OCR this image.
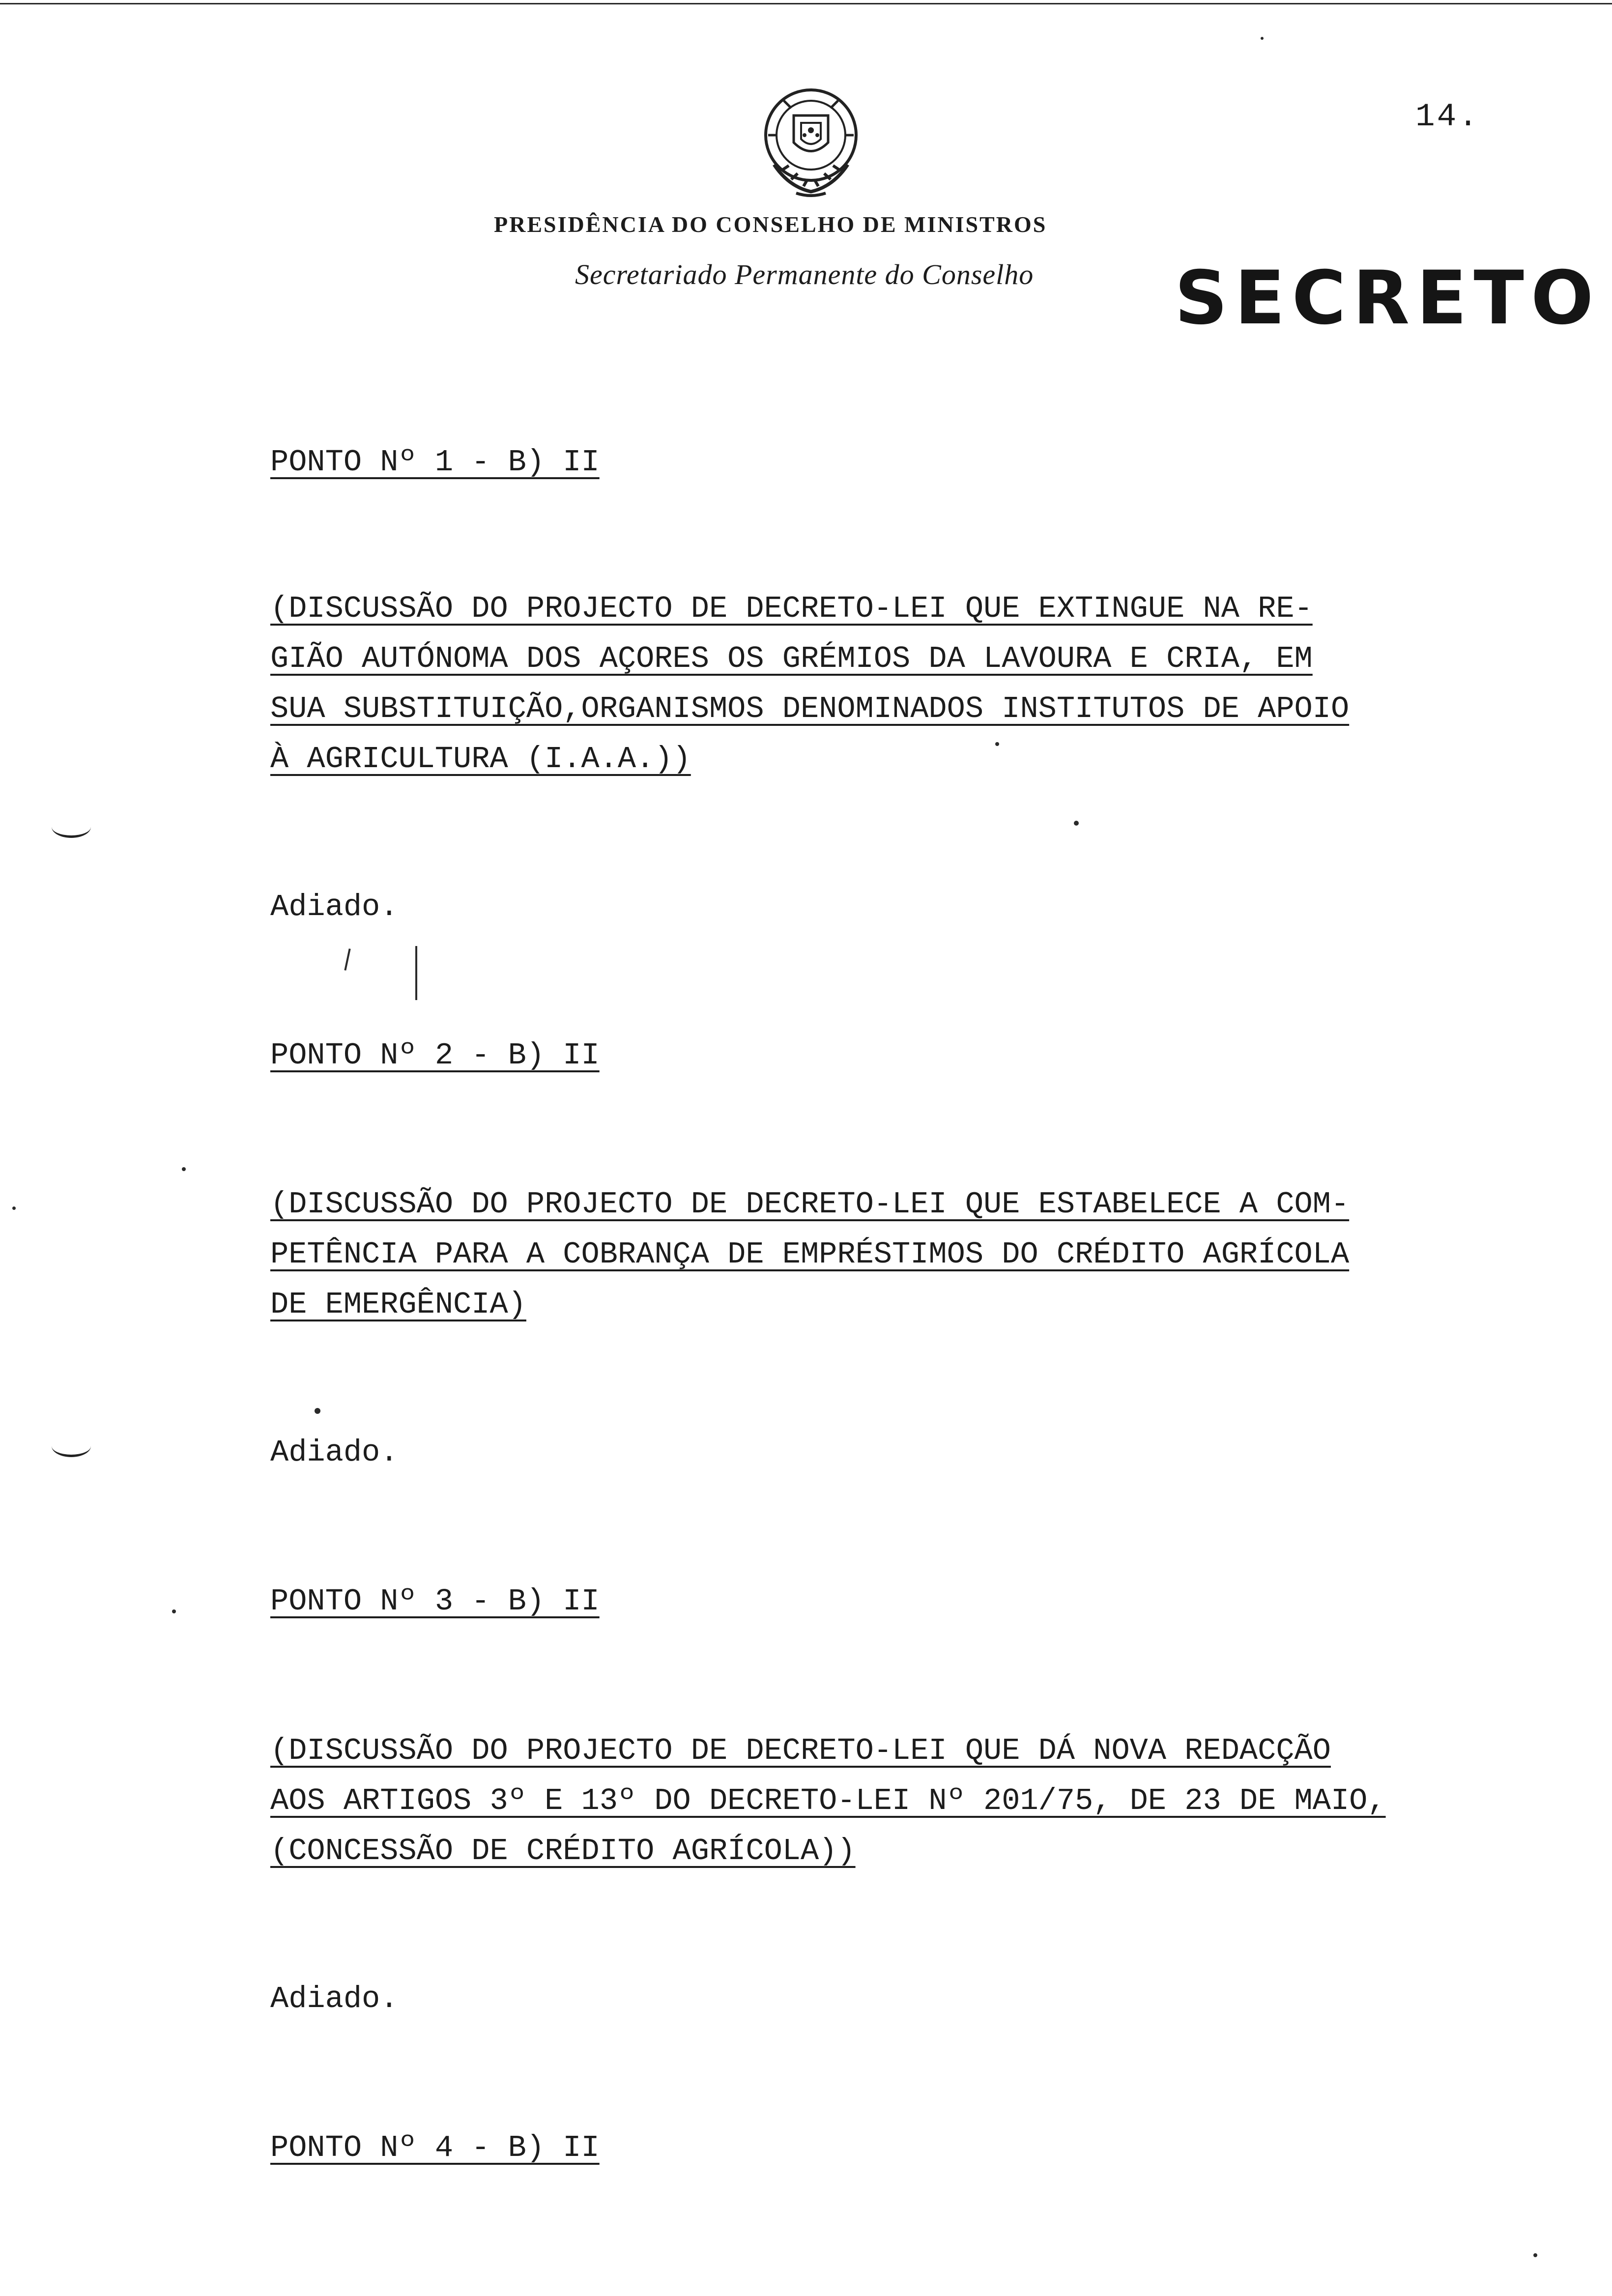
14.
PRESIDÊNCIA DO CONSELHO DE MINISTROS
Secretariado Permanente do Conselho SECRETO
PONTO Nº 1 - B) II
(DISCUSSÃO DO PROJECTO DE DECRETO-LEI QUE EXTINGUE NA RE-
GIÃO AUTÓNOMA DOS AÇORES OS GRÉMIOS DA LAVOURA E CRIA, EM
SUA SUBSTITUIÇÃO,ORGANISMOS DENOMINADOS INSTITUTOS DE APOIO
À AGRICULTURA (I.A.A.))
Adiado.
PONTO Nº 2 - B) II
(DISCUSSÃO DO PROJECTO DE DECRETO-LEI QUE ESTABELECE A COM-
PETÊNCIA PARA A COBRANÇA DE EMPRÉSTIMOS DO CRÉDITO AGRÍCOLA
DE EMERGÊNCIA)
Adiado.
PONTO Nº 3 - B) II
(DISCUSSÃO DO PROJECTO DE DECRETO-LEI QUE DÁ NOVA REDACÇÃO
AOS ARTIGOS 3º E 13º DO DECRETO-LEI Nº 201/75, DE 23 DE MAIO,
(CONCESSÃO DE CRÉDITO AGRÍCOLA))
Adiado.
PONTO Nº 4 - B) II
